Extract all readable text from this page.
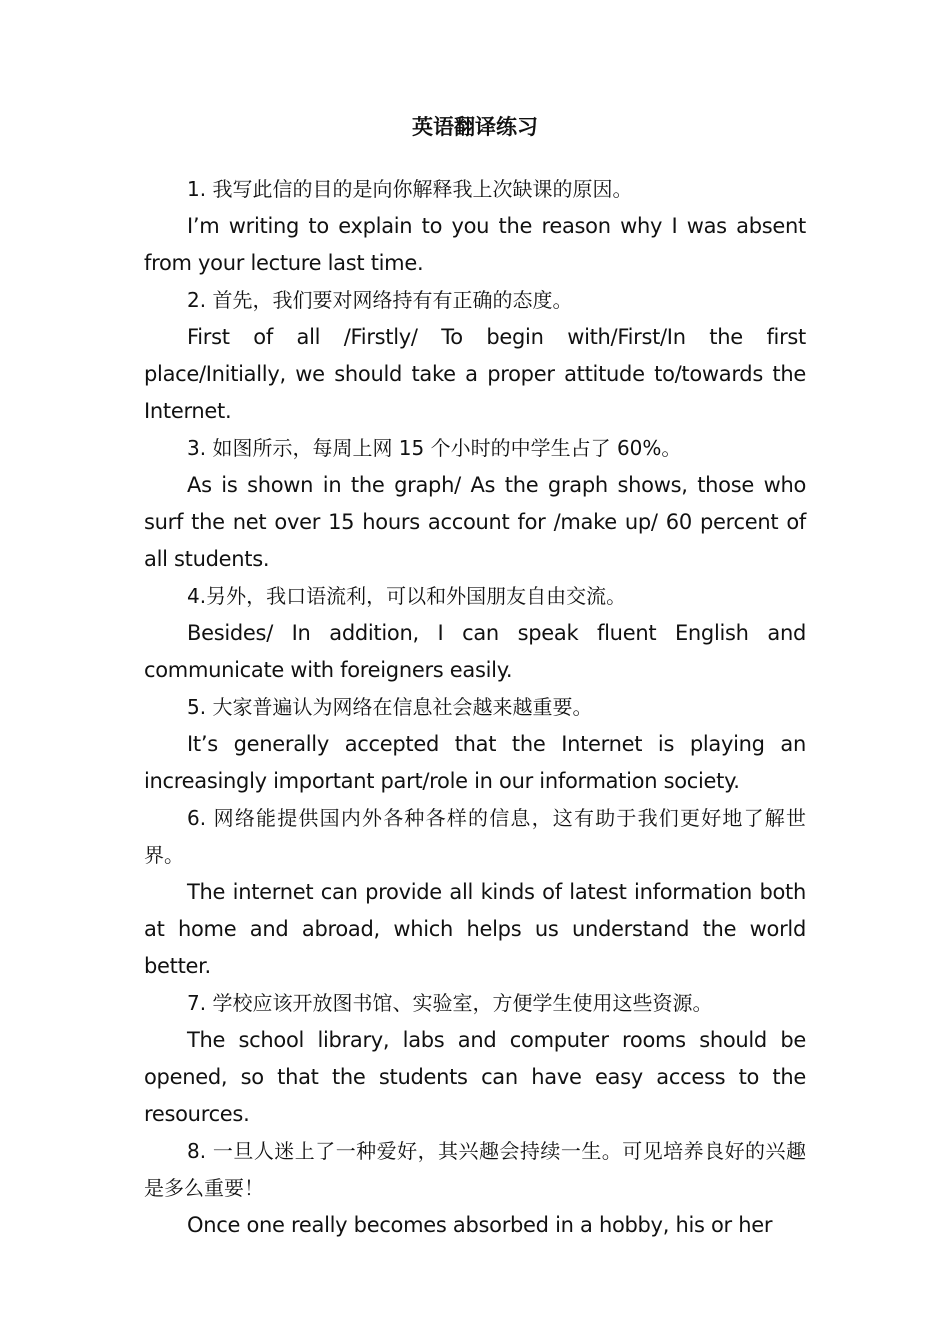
英语翻译练习

1. 我写此信的目的是向你解释我上次缺课的原因。

I’m writing to explain to you the reason why I was absent from your lecture last time.

2. 首先，我们要对网络持有有正确的态度。

First of all /Firstly/ To begin with/First/In the first place/Initially, we should take a proper attitude to/towards the Internet.

3. 如图所示，每周上网 15 个小时的中学生占了 60%。

As is shown in the graph/ As the graph shows, those who surf the net over 15 hours account for /make up/ 60 percent of all students.

4.另外，我口语流利，可以和外国朋友自由交流。

Besides/ In addition, I can speak fluent English and communicate with foreigners easily.

5. 大家普遍认为网络在信息社会越来越重要。

It’s generally accepted that the Internet is playing an increasingly important part/role in our information society.

6. 网络能提供国内外各种各样的信息，这有助于我们更好地了解世界。

The internet can provide all kinds of latest information both at home and abroad, which helps us understand the world better.

7. 学校应该开放图书馆、实验室，方便学生使用这些资源。

The school library, labs and computer rooms should be opened, so that the students can have easy access to the resources.

8. 一旦人迷上了一种爱好，其兴趣会持续一生。可见培养良好的兴趣是多么重要！

Once one really becomes absorbed in a hobby, his or her
